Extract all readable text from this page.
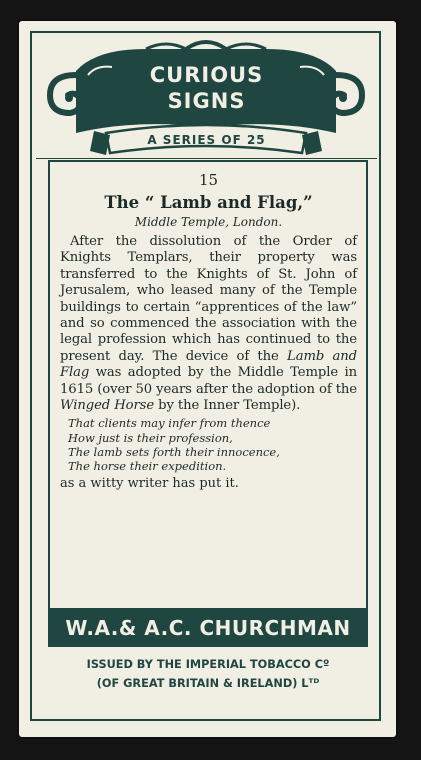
CURIOUS
SIGNS
A SERIES OF 25
15
The “ Lamb and Flag,”
Middle Temple, London.
After the dissolution of the Order of Knights Templars, their property was transferred to the Knights of St. John of Jerusalem, who leased many of the Temple buildings to certain “apprentices of the law” and so commenced the association with the legal profession which has continued to the present day. The device of the Lamb and Flag was adopted by the Middle Temple in 1615 (over 50 years after the adoption of the Winged Horse by the Inner Temple).
That clients may infer from thence
How just is their profession,
The lamb sets forth their innocence,
The horse their expedition.
as a witty writer has put it.
W.A.& A.C. CHURCHMAN
ISSUED BY THE IMPERIAL TOBACCO Cº
(OF GREAT BRITAIN & IRELAND) Lᵀᴰ
